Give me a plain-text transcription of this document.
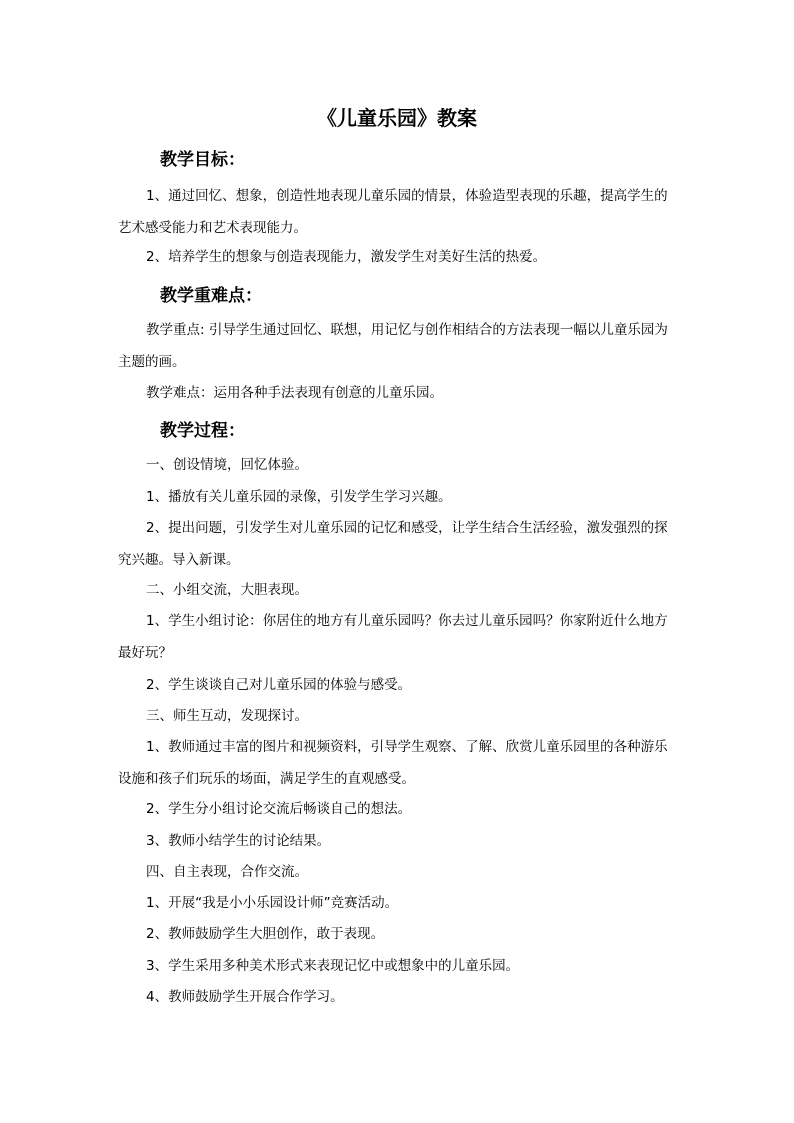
《儿童乐园》教案
教学目标：
1、通过回忆、想象，创造性地表现儿童乐园的情景，体验造型表现的乐趣，提高学生的艺术感受能力和艺术表现能力。
2、培养学生的想象与创造表现能力，激发学生对美好生活的热爱。
教学重难点：
教学重点: 引导学生通过回忆、联想，用记忆与创作相结合的方法表现一幅以儿童乐园为主题的画。
教学难点：运用各种手法表现有创意的儿童乐园。
教学过程：
一、创设情境，回忆体验。
1、播放有关儿童乐园的录像，引发学生学习兴趣。
2、提出问题，引发学生对儿童乐园的记忆和感受，让学生结合生活经验，激发强烈的探究兴趣。导入新课。
二、小组交流，大胆表现。
1、学生小组讨论：你居住的地方有儿童乐园吗？你去过儿童乐园吗？你家附近什么地方最好玩？
2、学生谈谈自己对儿童乐园的体验与感受。
三、师生互动，发现探讨。
1、教师通过丰富的图片和视频资料，引导学生观察、了解、欣赏儿童乐园里的各种游乐设施和孩子们玩乐的场面，满足学生的直观感受。
2、学生分小组讨论交流后畅谈自己的想法。
3、教师小结学生的讨论结果。
四、自主表现，合作交流。
1、开展“我是小小乐园设计师”竞赛活动。
2、教师鼓励学生大胆创作，敢于表现。
3、学生采用多种美术形式来表现记忆中或想象中的儿童乐园。
4、教师鼓励学生开展合作学习。
